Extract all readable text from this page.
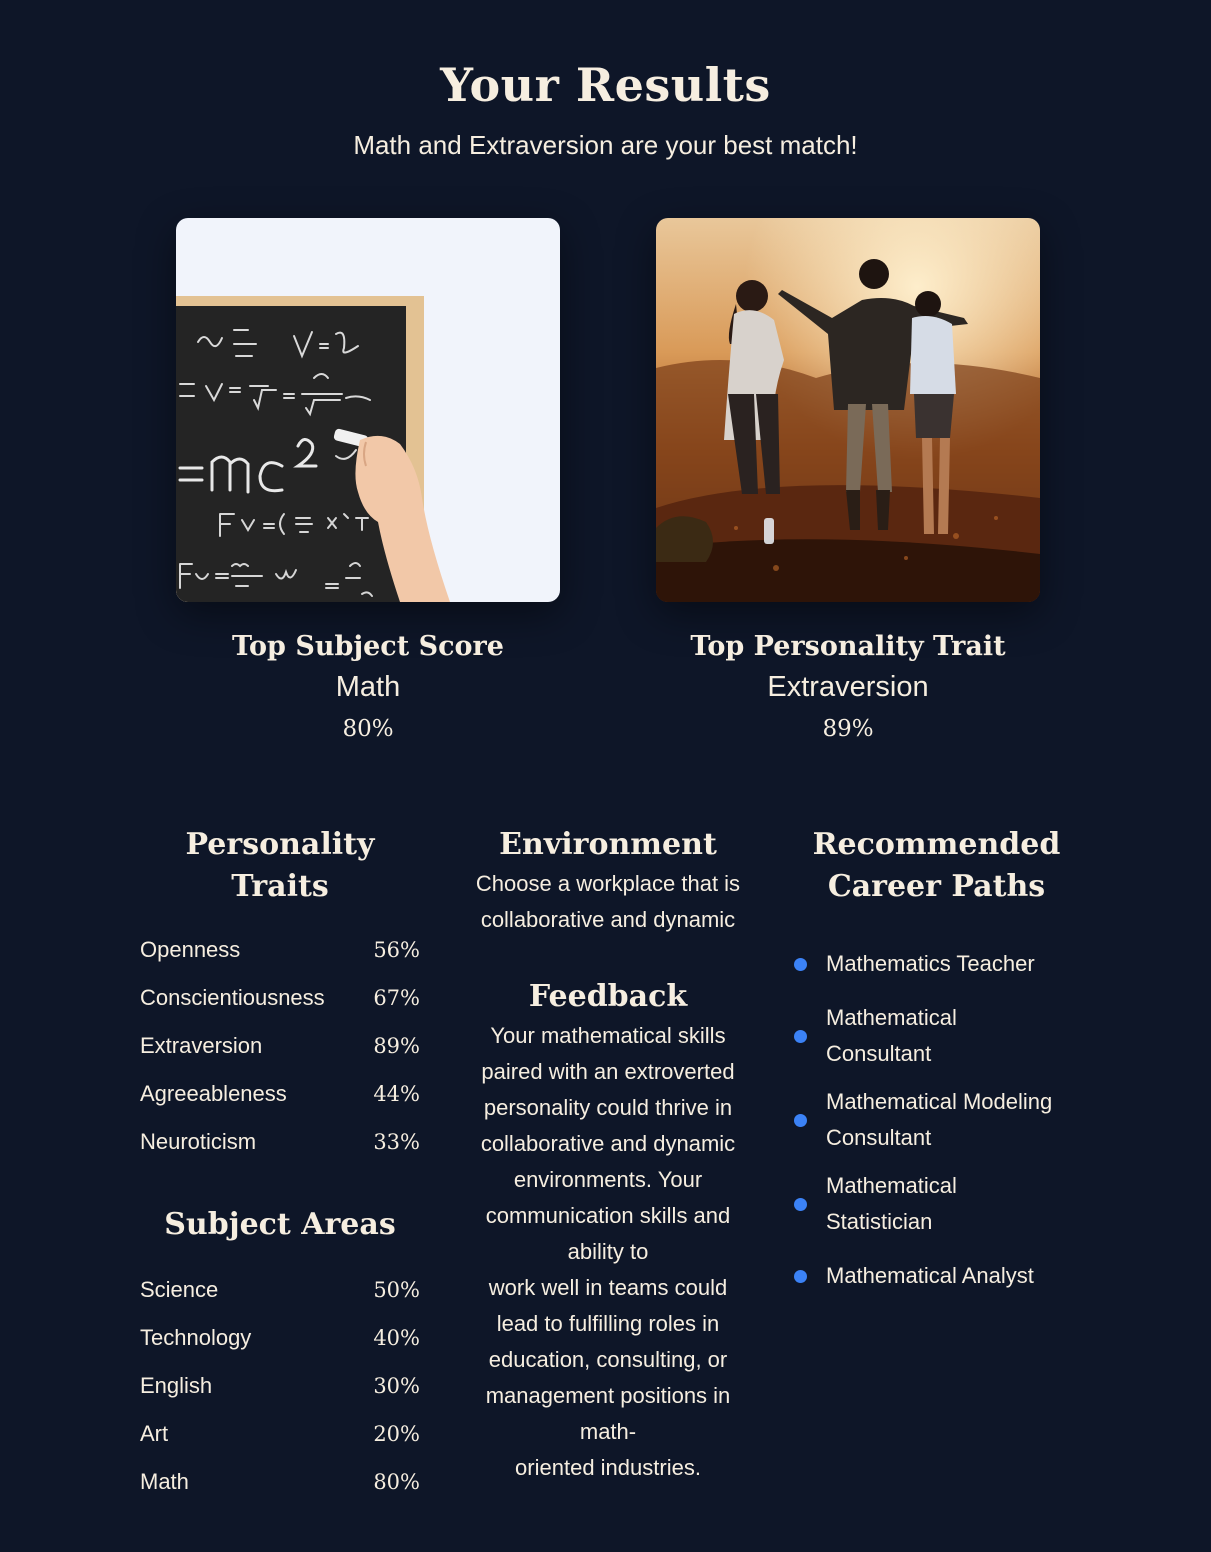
Your Results
Math and Extraversion are your best match!
Top Subject Score
Math
80%
Top Personality Trait
Extraversion
89%
Personality Traits
Openness	56%
Conscientiousness 67%
Extraversion	89%
Agreeableness	44%
Neuroticism	33%
Subject Areas
Science	50%
Technology	40%
English	30%
Art	20%
Math	80%
Environment

Choose a workplace that is collaborative and dynamic

Feedback

Your mathematical skills paired with an extroverted personality could thrive in collaborative and dynamic environments. Your communication skills and ability to

work well in teams could lead to fulfilling roles in education, consulting, or management positions in math-

oriented industries.

Recommended Career Paths
Mathematics Teacher
Mathematical Consultant
Mathematical Modeling Consultant
Mathematical Statistician
Mathematical Analyst
